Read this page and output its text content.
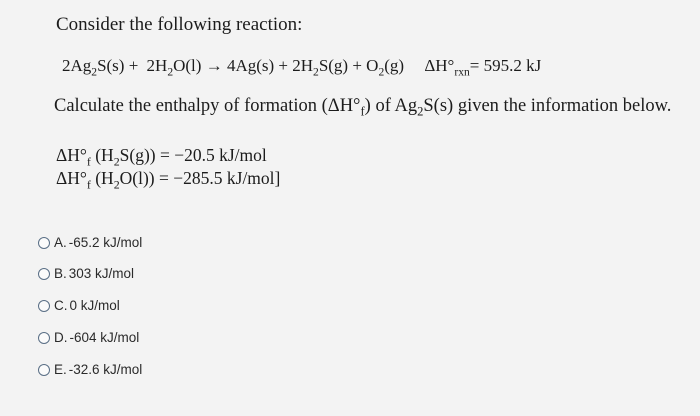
Consider the following reaction:
$2Ag_2S(s) + 2H_2O(l) \to 4Ag(s) + 2H_2S(g) + O_2(g)$ $\Delta H^\circ_{rxn}= 595.2$ kJ
Calculate the enthalpy of formation $(\Delta H^\circ_f)$ of $Ag_2S(s)$ given the information below.
$\Delta H^\circ_f$ $(H_2S(g)) = -20.5$ kJ/mol
$\Delta H^\circ_f$ $(H_2O(l)) = -285.5$ kJ/mol]
A. -65.2 kJ/mol
B. 303 kJ/mol
C. 0 kJ/mol
D. -604 kJ/mol
E. -32.6 kJ/mol
